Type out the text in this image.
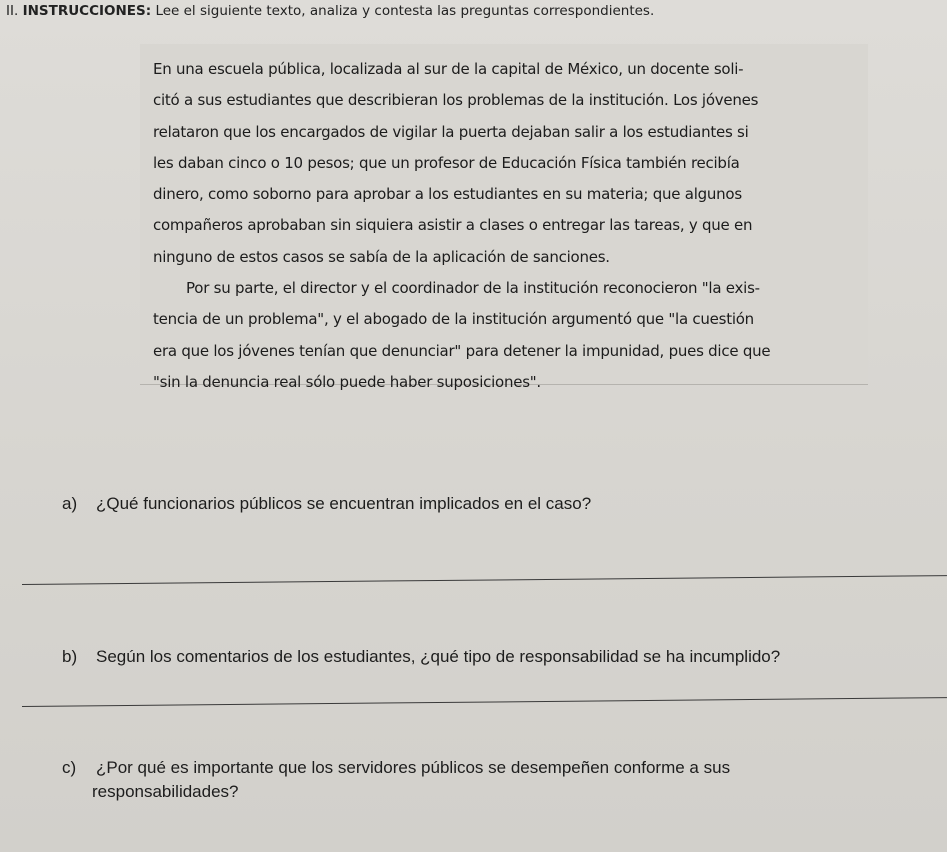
II. INSTRUCCIONES: Lee el siguiente texto, analiza y contesta las preguntas correspondientes.
En una escuela pública, localizada al sur de la capital de México, un docente soli-
citó a sus estudiantes que describieran los problemas de la institución. Los jóvenes
relataron que los encargados de vigilar la puerta dejaban salir a los estudiantes si
les daban cinco o 10 pesos; que un profesor de Educación Física también recibía
dinero, como soborno para aprobar a los estudiantes en su materia; que algunos
compañeros aprobaban sin siquiera asistir a clases o entregar las tareas, y que en
ninguno de estos casos se sabía de la aplicación de sanciones.
Por su parte, el director y el coordinador de la institución reconocieron "la exis-
tencia de un problema", y el abogado de la institución argumentó que "la cuestión
era que los jóvenes tenían que denunciar" para detener la impunidad, pues dice que
"sin la denuncia real sólo puede haber suposiciones".
a) ¿Qué funcionarios públicos se encuentran implicados en el caso?
b) Según los comentarios de los estudiantes, ¿qué tipo de responsabilidad se ha incumplido?
c) ¿Por qué es importante que los servidores públicos se desempeñen conforme a sus
responsabilidades?
